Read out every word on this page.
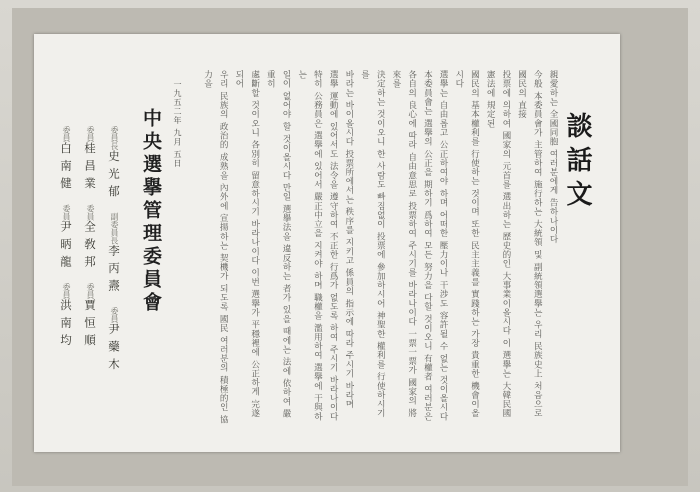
談話文

親愛하는 全國同胞 여러분에게 告하나이다

今般 本委員會가 主管하여 施行하는 大統領 및 副統領選擧는 우리 民族史上 처음으로 國民의 直接

投票에 의하여 國家의 元首를 選出하는 歷史的인 大事業이올시다 이 選擧는 大韓民國 憲法에 規定된

國民의 基本權利를 行使하는 것이며 또한 民主主義를 實踐하는 가장 貴重한 機會이올시다

選擧는 自由롭고 公正하여야 하며 어떠한 壓力이나 干涉도 容許될 수 없는 것이올시다

本委員會는 選擧의 公正을 期하기 爲하여 모든 努力을 다할 것이오니 有權者 여러분은

各自의 良心에 따라 自由意思로 投票하여 주시기를 바라나이다 一票一票가 國家의 將來를

決定하는 것이오니 한 사람도 빠짐없이 投票에 參加하시어 神聖한 權利를 行使하시기를

바라는 바이올시다 投票所에서는 秩序를 지키고 係員의 指示에 따라 주시기 바라며

選擧 運動에 있어서도 法令을 遵守하여 不正한 行爲가 없도록 하여 주시기 바라나이다

特히 公務員은 選擧에 있어서 嚴正中立을 지켜야 하며 職權을 濫用하여 選擧에 干與하는

일이 없어야 할 것이올시다 만일 選擧法을 違反하는 者가 있을 때에는 法에 依하여 嚴重히

處斷할 것이오니 各別히 留意하시기 바라나이다 이번 選擧가 平穩裡에 公正하게 完遂되어

우리 民族의 政治的 成熟을 內外에 宣揚하는 契機가 되도록 國民 여러분의 積極的인 協力을

一九五二年 九月 五日
中央選擧管理委員會

委員長史光郁副委員長李丙燾委員尹藥木

委員桂昌業委員全敎邦委員賈恒順

委員白南健委員尹昞龍委員洪南均
